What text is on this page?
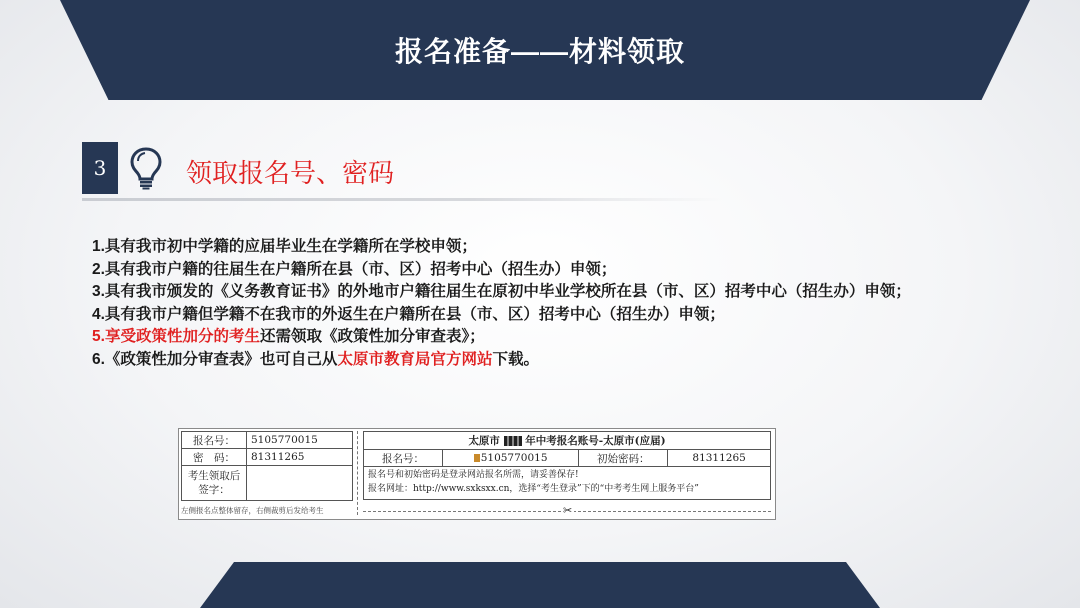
报名准备——材料领取
3	领取报名号、密码

1.具有我市初中学籍的应届毕业生在学籍所在学校申领；

2.具有我市户籍的往届生在户籍所在县（市、区）招考中心（招生办）申领；

3.具有我市颁发的《义务教育证书》的外地市户籍往届生在原初中毕业学校所在县（市、区）招考中心（招生办）申领；

4.具有我市户籍但学籍不在我市的外返生在户籍所在县（市、区）招考中心（招生办）申领；

5.享受政策性加分的考生还需领取《政策性加分审查表》；

6.《政策性加分审查表》也可自己从太原市教育局官方网站下载。

报名号：	5105770015
密　码：	81311265
考生领取后签字：	
太原市 年中考报名账号-太原市(应届)
报名号：	5105770015	初始密码：	81311265
报名号和初始密码是登录网站报名所需，请妥善保存!
报名网址：http://www.sxksxx.cn，选择“考生登录”下的“中考考生网上服务平台”
左侧报名点整体留存，右侧裁剪后发给考生	✂
